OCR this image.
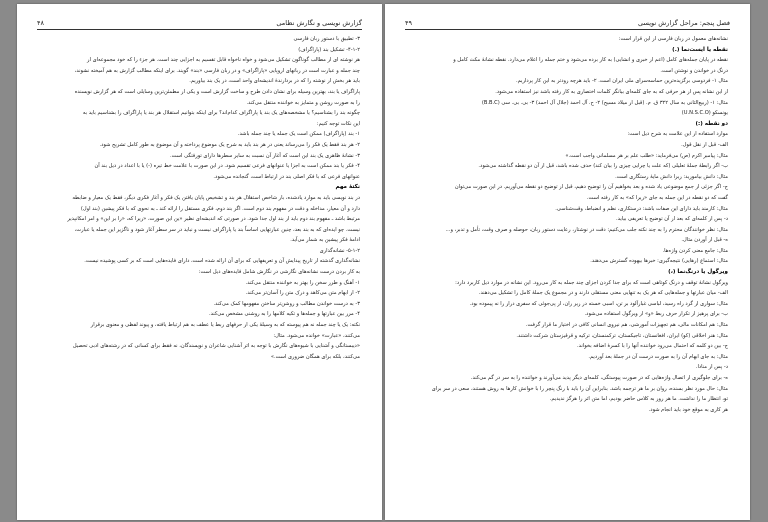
گزارش نویسی و نگارش نظامی
۴۸
۳- تطبیق با دستور زبان فارسی
۴-۱-۲- تشکیل بند (پاراگراف)
هر نوشته ای از مطالب گوناگون تشکیل می‌شود و خواه ناخواه قابل تقسیم به اجزایی چند است. هر جزء را که خود مجموعه‌ای از
چند جمله و عبارت است در زبانهای اروپایی «پاراگراف» و در زبان فارسی «بند» گویند. برای اینکه مطالب گزارش به هم آمیخته نشوند،
باید هر بخش از نوشته را که در بردارندهٔ اندیشه‌ای واحد است، در یک بند بیاوریم.
پاراگراف یا بند، بهترین وسیله برای نشان دادن طرح و ساخت گزارش است و یکی از مطمئن‌ترین وسایلی است که هر گزارش نویسنده
را به صورت روشن و متمایز به خواننده منتقل می‌کند.
چگونه بند را بشناسیم؟ یا مشخصه‌های یک بند یا پاراگراف کدام‌اند؟ برای اینکه بتوانیم استقلال هر بند یا پاراگراف را بشناسیم باید به
این نکات توجه کنیم:
۱- بند (پاراگراف) ممکن است یک جمله یا چند جمله باشد.
۲- هر بند فقط یک فکر را می‌رساند یعنی در هر بند باید به شرح یک موضوع پرداخته و آن موضوع به طور کامل تشریح شود.
۳- نشانهٔ ظاهری یک بند این است که آغاز آن نسبت به سایر سطرها دارای تورفتگی است.
۴- فکر یا بند ممکن است به اجزا یا عنوانهای فرعی تقسیم شود. در این صورت با علامت خط تیره (-) یا با اعداد در ذیل بند آن
عنوانهای فرعی که با فکر اصلی بند در ارتباط است، گنجانده می‌شود.
نکتهٔ مهم
در بند نویسی باید به موارد یادشده، بار شاخص استقلال هر بند و تشخیص پایان یافتن یک فکر و آغاز فکری دیگر، فقط یک معیار و ضابطه
دارد و آن معیار، مداخله و دقت در مفهوم بند دوم است. اگر بند دوم، فکری مستقل را ارائه کند ـ به نحوی که با فکر پیشین (بند اول)
مرتبط باشد ـ مفهوم بند دوم باید از بند اول جدا شود. در صورتی که اندیشه‌ای نظیر «ین این صورت، «زیرا که، «را بر این» و امر امکانپذیر
نیست. چو ایده‌ای که به بند بعد، چنین عبارتهایی اساساً بند یا پاراگراف نیست و نباید در سر سطر آغاز شود و ناگزیر این جمله یا عبارت،
ادامهٔ فکر پیشین به شمار می‌آید.
۵-۱-۲- نشانه‌گذاری
نشانه‌گذاری گذشته از تاریخ پیدایش آن و تعریفهایی که برای آن ارائه شده است، دارای فایده‌هایی است که بر کسی پوشیده نیست.
به کار بردن درست نشانه‌های نگارشی در نگارش شامل فایده‌های ذیل است:
۱- آهنگ و طرز سخن را بهتر به خواننده منتقل می‌کند.
۲- از ابهام متن می‌کاهد و درک متن را آسان‌تر می‌کند.
۳- به درست خواندن مطالب و روشن‌تر ساختن مفهومها کمک می‌کند.
۴- مرز بین عبارتها و جمله‌ها و تکیه کلامها را به روشنی مشخص می‌کند.
نکته: یک یا چند جمله نه هم پیوسته که به وسیلهٔ یکی از حرفهای ربط یا عطف به هم ارتباط یافته، و پیوند لفظی و معنوی برقرار
می‌کنند، «عبارت» خوانده می‌شود. مثال:
«دیبستانگی و آشنایی با شیوه‌های نگارش با توجه به اثر آشنایی شاعران و نویسندگان، نه فقط برای کسانی که در رشته‌های ادبی تحصیل
می‌کنند، بلکه برای همگان ضروری است.»
فصل پنجم: مراحل گزارش نویسی
۴۹
نشانه‌های معمول در زبان فارسی از این قرار است:
نقطه یا ایست‌نما (.)
نقطه در پایان جمله‌های کامل (اعم از خبری و انشایی) به کار برده می‌شود و ختم جمله را اعلام می‌دارد. نقطه نشانهٔ مکث کامل و
درنگ در خواندن و نوشتن است.
مثال ۱- فردوسی برگزیده‌ترین حماسه‌سرای ملی ایران است. ۲- باید هرچه زودتر به این کار پردازیم.
از این نشانه پس از هر حرفی که به جای کلمه‌ای بیانگر کلمات اختصاری به کار رفته باشد نیز استفاده می‌شود.
مثال: ۱- (ربیع‌الثانی به سال ۳۲۲ ق. م. (قبل از میلاد مسیح) ۲- ح. آل احمد (جلال آل احمد) ۳- بی. بی. سی (B.B.C)
یونسکو (U.N.S.C.O)
دو نقطه (:)
موارد استفاده از این علامت به شرح ذیل است:
الف- قبل از نقل قول.
مثال: پیامبر اکرم (ص) می‌فرماید: «طلب علم بر هر مسلمانی واجب است.»
ب- اگر رابطهٔ جملهٔ تعلیلی (که علت یا چرایی چیزی را بیان کند) حذف شده باشد، قبل از آن دو نقطه گذاشته می‌شود.
مثال: دانش بیاموزید: زیرا دانش مایهٔ رستگاری است.
ج- اگر جزئی از جمع موضوعی یاد شده و بعد بخواهیم آن را توضیح دهیم، قبل از توضیح دو نقطه می‌آوریم. در این صورت می‌توان
گفت که دو نقطه در این جمله به جای «زیرا که» به کار رفته است.
مثال: کارمند باید دارای این صفات باشد: درستکاری، نظم و انضباط، وقت‌شناسی.
د- پس از کلمه‌ای که بعد از آن توضیح یا تعریفی بیاید.
مثال: نظر خوانندگان محترم را به چند نکته جلب می‌کنیم: دقت در نوشتار، رعایت دستور زبان، حوصله و صرف وقت، تأمل و تدبر، و...
ه- قبل از آوردن مثال.
مثال: جامع معنی کردن واژه‌ها.
مثال: استماع (رهایی) نتیجه‌گیری: خبرها بیهوده گسترش می‌دهند.
ویرگول یا درنگ‌نما (،)
ویرگول نشانهٔ توقف و درنگ کوتاهی است که برای جدا کردن اجزای چند جمله به کار می‌رود. این نشانه در موارد ذیل کاربرد دارد:
الف- میان عبارتها و جمله‌هایی که هر یک به تنهایی معنی مستقلی دارند و در مجموع یک جملهٔ کامل را تشکیل می‌دهند.
مثال: سواری از گرد راه رسید، لباسی غبارآلود بر تن، اسبی خسته در زیر ران، از پی‌جوئی که سفری دراز را نه پیموده بود.
ب- برای پرهیز از تکرار حرف ربط «و» از ویرگول استفاده می‌شود.
مثال: هم امکانات مالی، هم تجهیزات آموزشی، هم نیروی انسانی کافی در اختیار ما قرار گرفت.
مثال: هنر اخلاقی (کو) ایران، افغانستان، تاجیکستان، ترکمنستان، ترکیه و قرقیزستان شرکت داشتند.
ج- بین دو کلمه که احتمال می‌رود خواننده آنها را با کسرهٔ اضافه بخواند.
مثال: به جای ابهام آن را به صورت درست آن در جملهٔ بعد آوردیم.
د- پس از منادا.
ه- برای جلوگیری از اتصال واژه‌هایی که در صورت پیوستگی، کلمه‌ای دیگر پدید می‌آورند و خواننده را به سر در گم می‌کند.
مثال: حال مورد نظر بسنده، روان بر ما هر ترجمه باشد. بنابراین آن را باید با رنگ پنچر را با خوانش کارها به روش هستند، سعی در سر برای
تو، انتظار ما را نداشت. ما هر روز به کلاس حاضر بودیم، اما متن اثر را هرگز ندیدیم.
هر کاری به موقع خود باید انجام شود.
